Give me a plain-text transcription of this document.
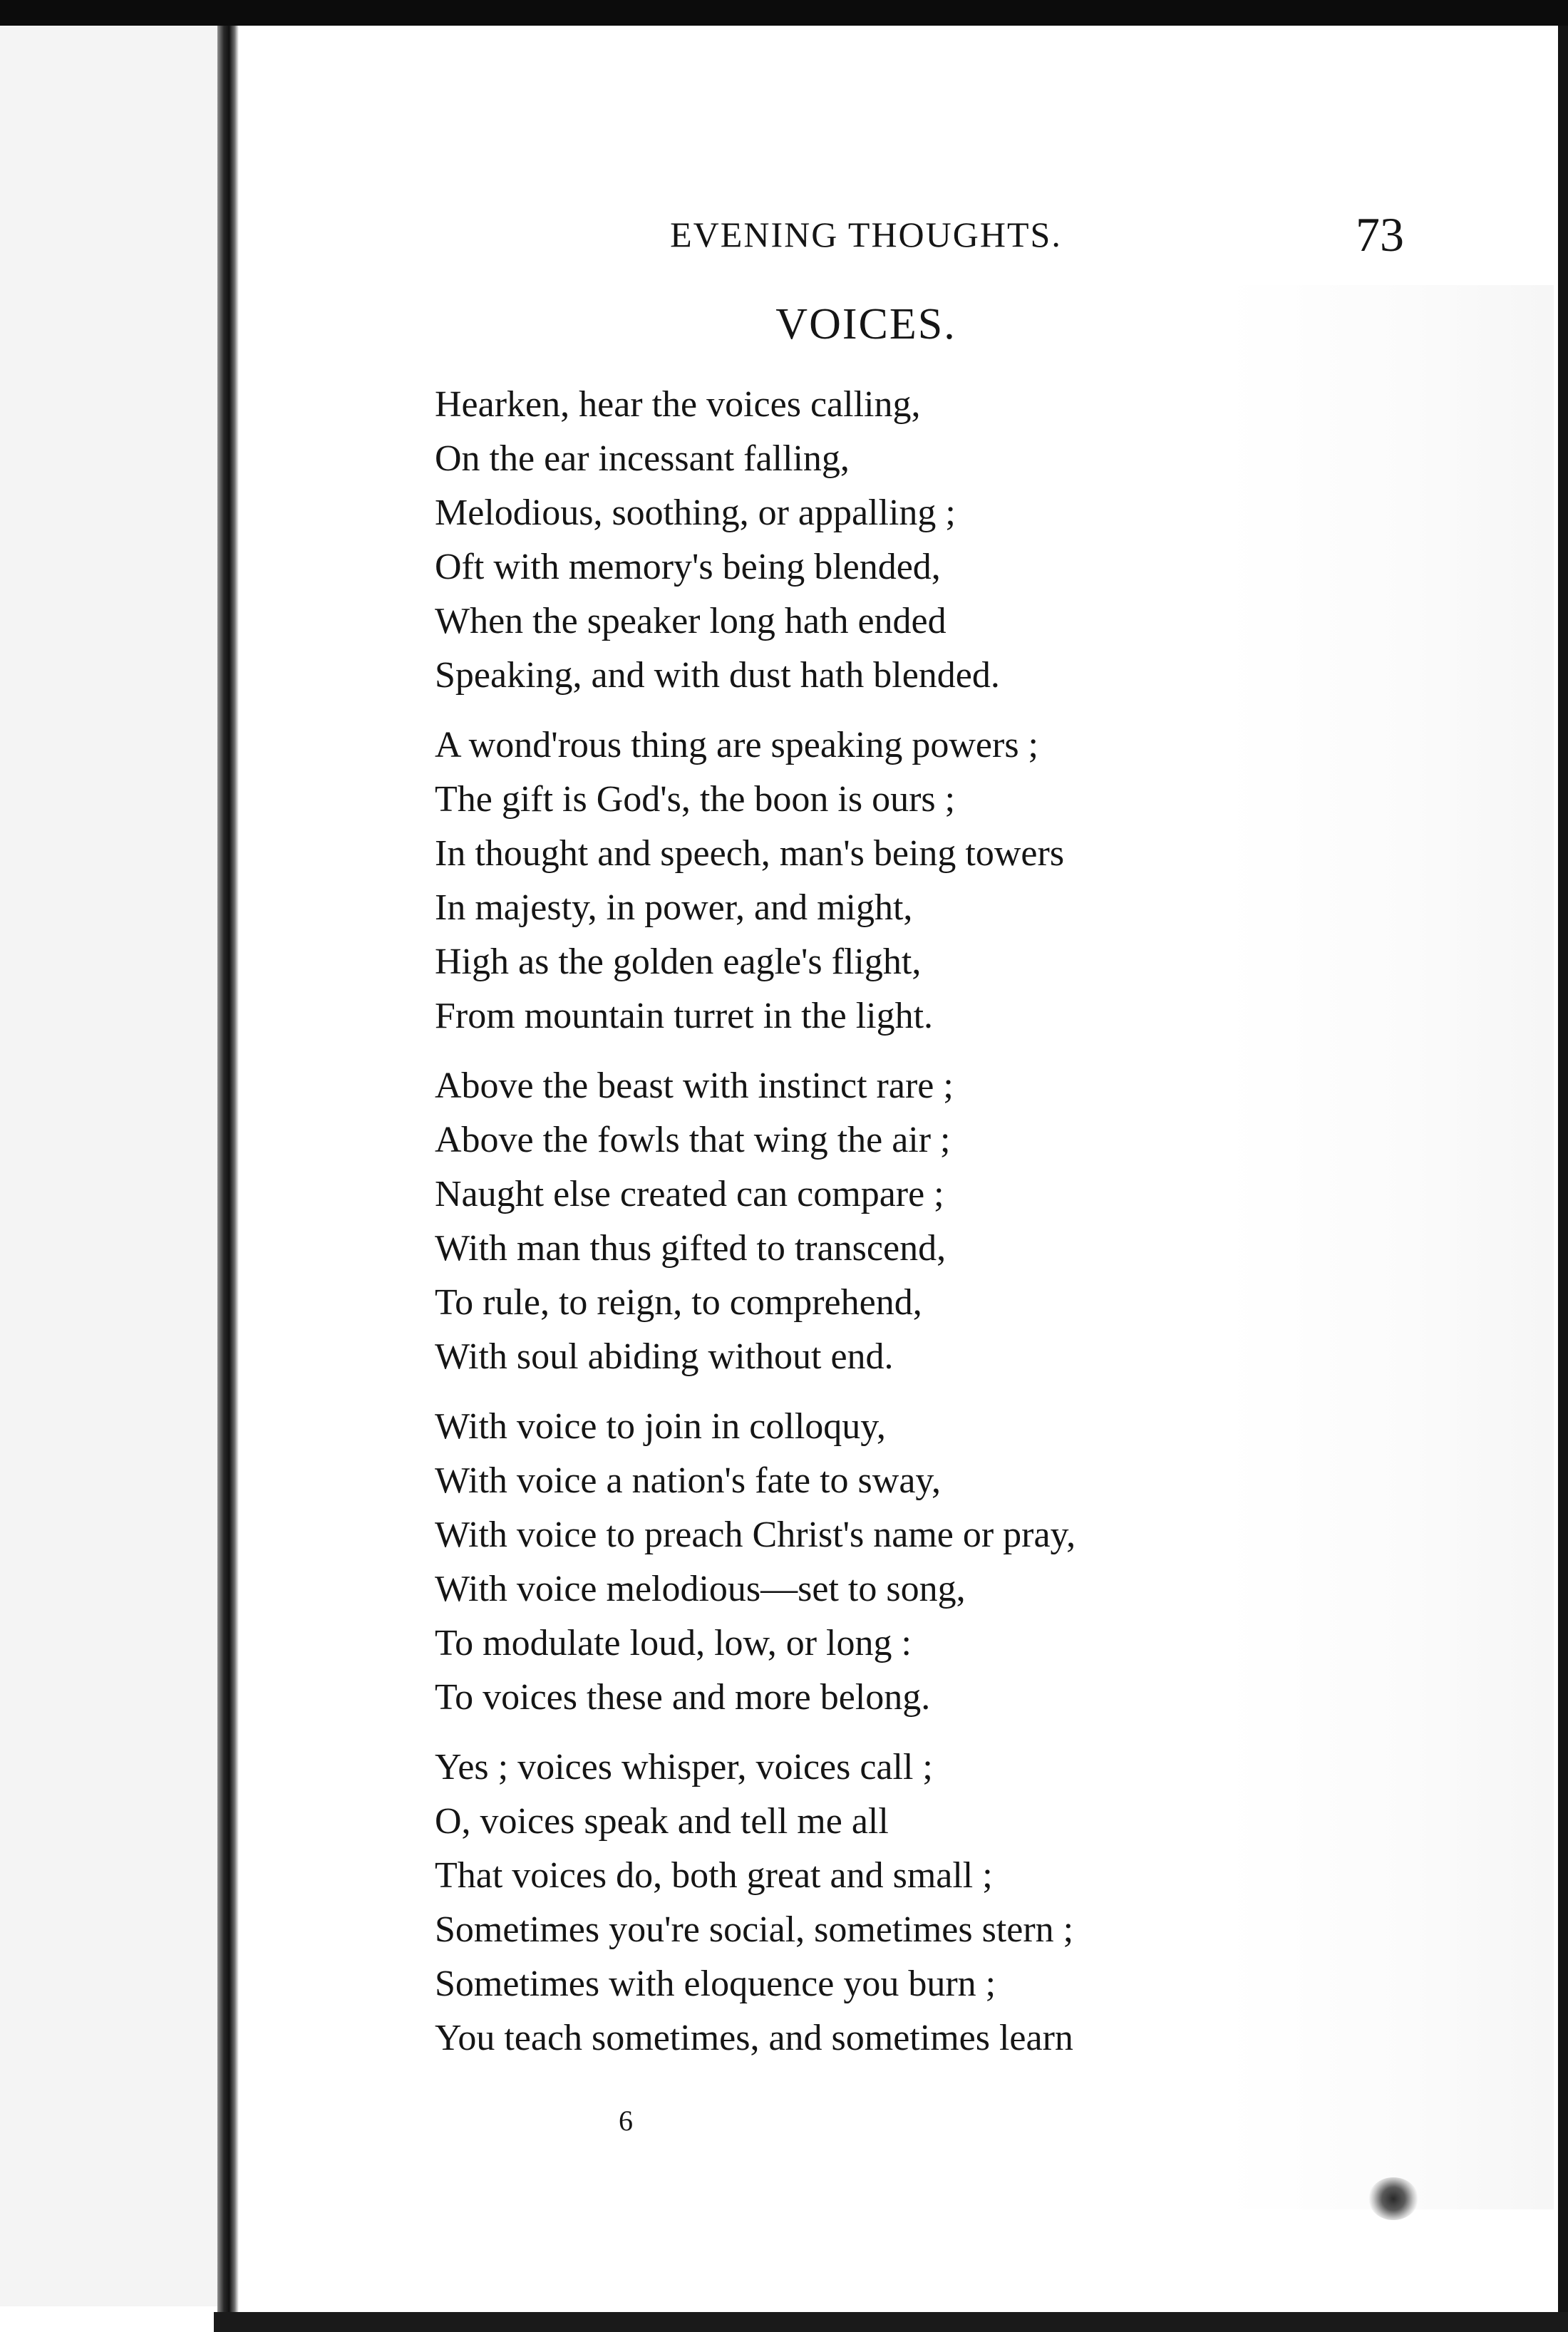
EVENING THOUGHTS.	73
VOICES.
Hearken, hear the voices calling,
On the ear incessant falling,
Melodious, soothing, or appalling ;
Oft with memory's being blended,
When the speaker long hath ended
Speaking, and with dust hath blended.
A wond'rous thing are speaking powers ;
The gift is God's, the boon is ours ;
In thought and speech, man's being towers
In majesty, in power, and might,
High as the golden eagle's flight,
From mountain turret in the light.
Above the beast with instinct rare ;
Above the fowls that wing the air ;
Naught else created can compare ;
With man thus gifted to transcend,
To rule, to reign, to comprehend,
With soul abiding without end.
With voice to join in colloquy,
With voice a nation's fate to sway,
With voice to preach Christ's name or pray,
With voice melodious—set to song,
To modulate loud, low, or long :
To voices these and more belong.
Yes ; voices whisper, voices call ;
O, voices speak and tell me all
That voices do, both great and small ;
Sometimes you're social, sometimes stern ;
Sometimes with eloquence you burn ;
You teach sometimes, and sometimes learn
6
